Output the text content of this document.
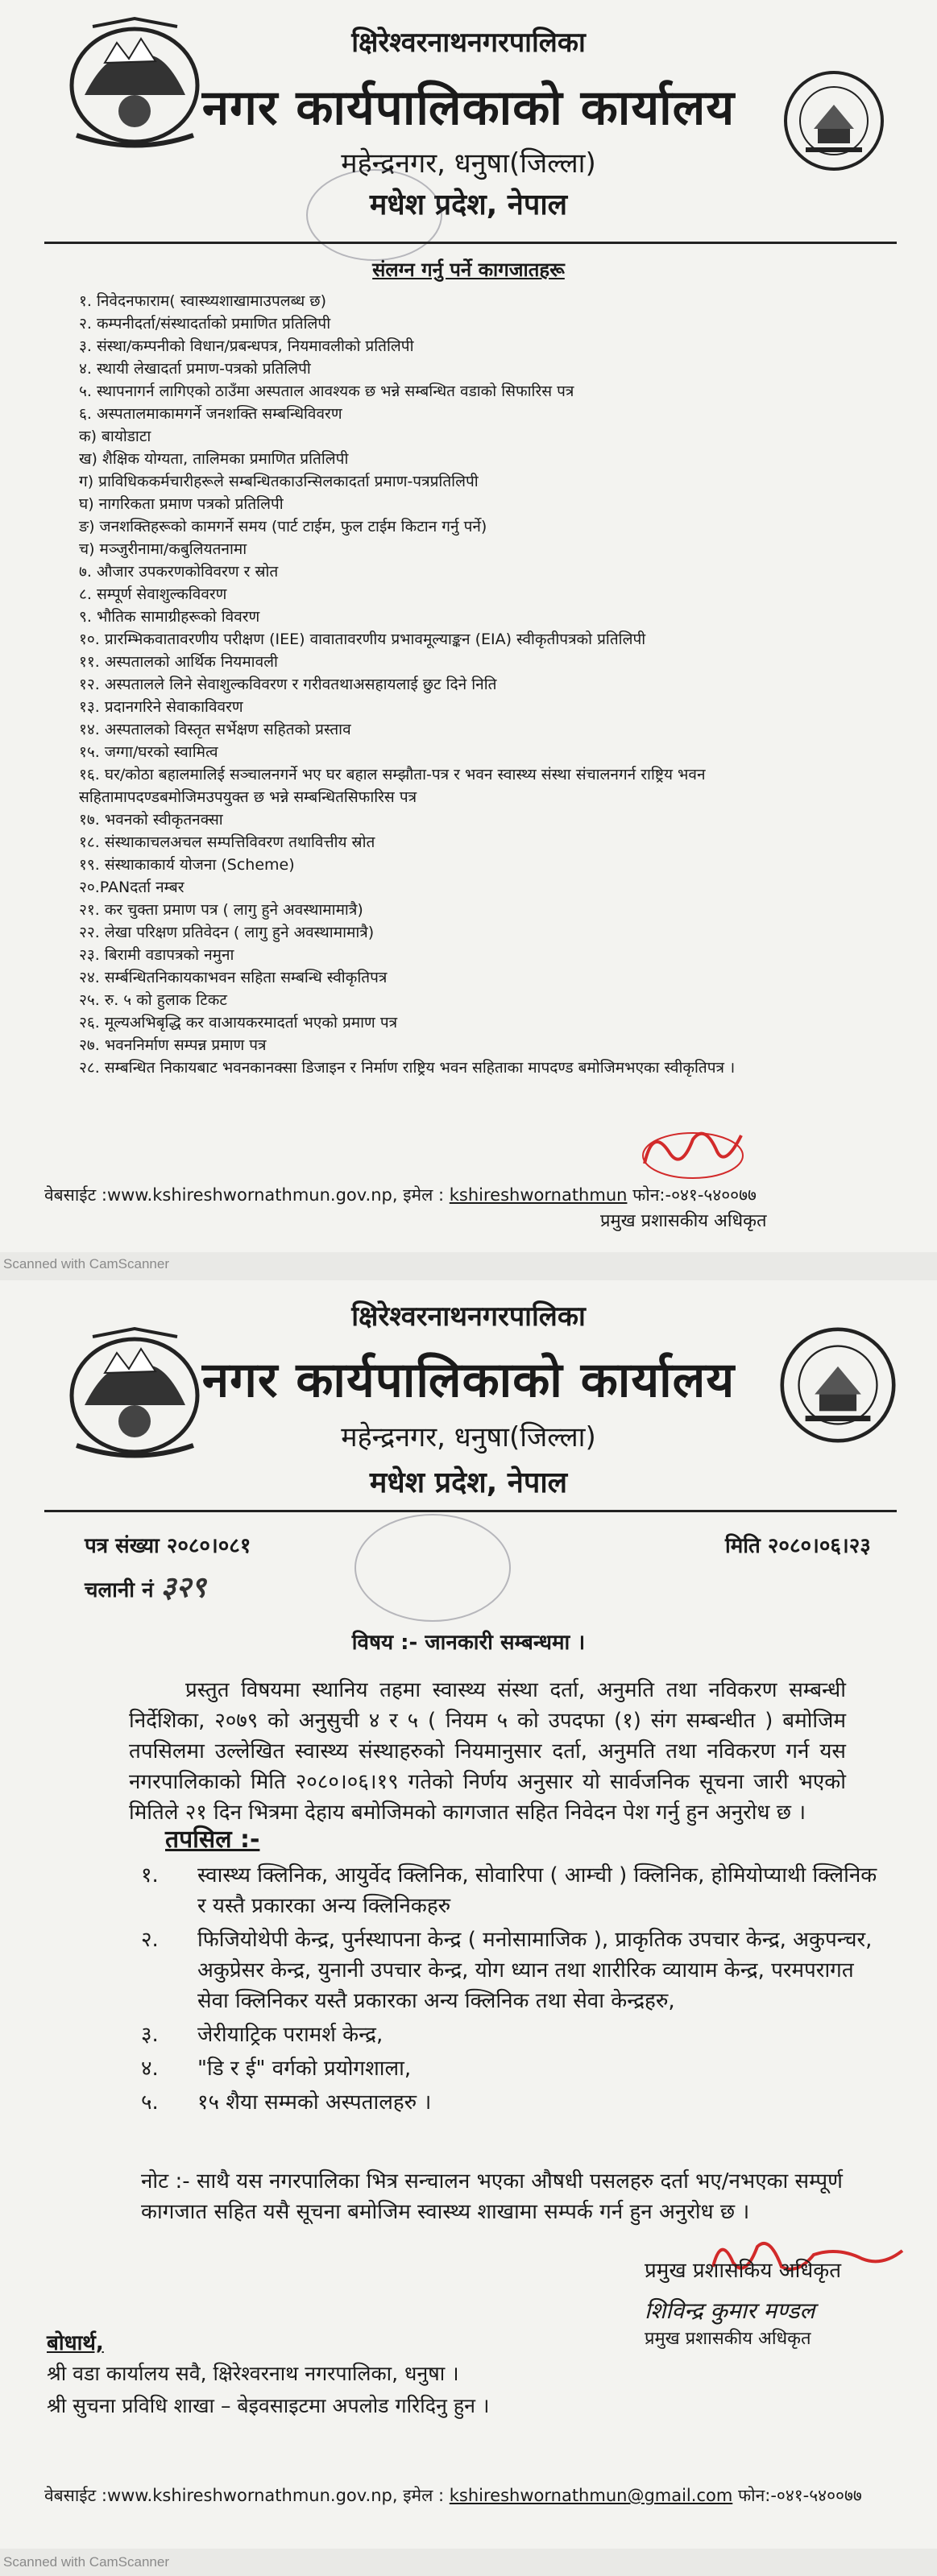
क्षिरेश्वरनाथनगरपालिका
नगर कार्यपालिकाको कार्यालय
महेन्द्रनगर, धनुषा(जिल्ला)
मधेश प्रदेश, नेपाल
संलग्न गर्नु पर्ने कागजातहरू
१. निवेदनफाराम( स्वास्थ्यशाखामाउपलब्ध छ)
२. कम्पनीदर्ता/संस्थादर्ताको प्रमाणित प्रतिलिपी
३. संस्था/कम्पनीको विधान/प्रबन्धपत्र, नियमावलीको प्रतिलिपी
४. स्थायी लेखादर्ता प्रमाण-पत्रको प्रतिलिपी
५. स्थापनागर्न लागिएको ठाउँमा अस्पताल आवश्यक छ भन्ने सम्बन्धित वडाको सिफारिस पत्र
६. अस्पतालमाकामगर्ने जनशक्ति सम्बन्धिविवरण
क) बायोडाटा
ख) शैक्षिक योग्यता, तालिमका प्रमाणित प्रतिलिपी
ग) प्राविधिककर्मचारीहरूले सम्बन्धितकाउन्सिलकादर्ता प्रमाण-पत्रप्रतिलिपी
घ) नागरिकता प्रमाण पत्रको प्रतिलिपी
ङ) जनशक्तिहरूको कामगर्ने समय (पार्ट टाईम, फुल टाईम किटान गर्नु पर्ने)
च) मञ्जुरीनामा/कबुलियतनामा
७. औजार उपकरणकोविवरण र स्रोत
८. सम्पूर्ण सेवाशुल्कविवरण
९. भौतिक सामाग्रीहरूको विवरण
१०. प्रारम्भिकवातावरणीय परीक्षण (IEE) वावातावरणीय प्रभावमूल्याङ्कन (EIA) स्वीकृतीपत्रको प्रतिलिपी
११. अस्पतालको आर्थिक नियमावली
१२. अस्पतालले लिने सेवाशुल्कविवरण र गरीवतथाअसहायलाई छुट दिने निति
१३. प्रदानगरिने सेवाकाविवरण
१४. अस्पतालको विस्तृत सर्भेक्षण सहितको प्रस्ताव
१५. जग्गा/घरको स्वामित्व
१६. घर/कोठा बहालमालिई सञ्चालनगर्ने भए घर बहाल सम्झौता-पत्र र भवन स्वास्थ्य संस्था संचालनगर्न राष्ट्रिय भवन
सहितामापदण्डबमोजिमउपयुक्त छ भन्ने सम्बन्धितसिफारिस पत्र
१७. भवनको स्वीकृतनक्सा
१८. संस्थाकाचलअचल सम्पत्तिविवरण तथावित्तीय स्रोत
१९. संस्थाकाकार्य योजना (Scheme)
२०.PANदर्ता नम्बर
२१. कर चुक्ता प्रमाण पत्र ( लागु हुने अवस्थामामात्रै)
२२. लेखा परिक्षण प्रतिवेदन ( लागु हुने अवस्थामामात्रै)
२३. बिरामी वडापत्रको नमुना
२४. सर्म्बन्धितनिकायकाभवन सहिता सम्बन्धि स्वीकृतिपत्र
२५. रु. ५ को हुलाक टिकट
२६. मूल्यअभिबृद्धि कर वाआयकरमादर्ता भएको प्रमाण पत्र
२७. भवननिर्माण सम्पन्न प्रमाण पत्र
२८. सम्बन्धित निकायबाट भवनकानक्सा डिजाइन र निर्माण राष्ट्रिय भवन सहिताका मापदण्ड बमोजिमभएका स्वीकृतिपत्र ।
वेबसाईट :www.kshireshwornathmun.gov.np, इमेल : kshireshwornathmun फोन:-०४१-५४००७७
प्रमुख प्रशासकीय अधिकृत
Scanned with CamScanner
क्षिरेश्वरनाथनगरपालिका
नगर कार्यपालिकाको कार्यालय
महेन्द्रनगर, धनुषा(जिल्ला)
मधेश प्रदेश, नेपाल
पत्र संख्या २०८०।०८१
चलानी नं ३२९
मिति २०८०।०६।२३
विषय :- जानकारी सम्बन्धमा ।
प्रस्तुत विषयमा स्थानिय तहमा स्वास्थ्य संस्था दर्ता, अनुमति तथा नविकरण सम्बन्धी निर्देशिका, २०७९ को अनुसुची ४ र ५ ( नियम ५ को उपदफा (१) संग सम्बन्धीत ) बमोजिम तपसिलमा उल्लेखित स्वास्थ्य संस्थाहरुको नियमानुसार दर्ता, अनुमति तथा नविकरण गर्न यस नगरपालिकाको मिति २०८०।०६।१९ गतेको निर्णय अनुसार यो सार्वजनिक सूचना जारी भएको मितिले २१ दिन भित्रमा देहाय बमोजिमको कागजात सहित निवेदन पेश गर्नु हुन अनुरोध छ ।
तपसिल :-
१. स्वास्थ्य क्लिनिक, आयुर्वेद क्लिनिक, सोवारिपा ( आम्ची ) क्लिनिक, होमियोप्याथी क्लिनिक र यस्तै प्रकारका अन्य क्लिनिकहरु
२. फिजियोथेपी केन्द्र, पुर्नस्थापना केन्द्र ( मनोसामाजिक ), प्राकृतिक उपचार केन्द्र, अकुपन्चर, अकुप्रेसर केन्द्र, युनानी उपचार केन्द्र, योग ध्यान तथा शारीरिक व्यायाम केन्द्र, परमपरागत सेवा क्लिनिकर यस्तै प्रकारका अन्य क्लिनिक तथा सेवा केन्द्रहरु,
३. जेरीयाट्रिक परामर्श केन्द्र,
४. "डि र ई" वर्गको प्रयोगशाला,
५. १५ शैया सम्मको अस्पतालहरु ।
नोट :- साथै यस नगरपालिका भित्र सन्चालन भएका औषधी पसलहरु दर्ता भए/नभएका सम्पूर्ण कागजात सहित यसै सूचना बमोजिम स्वास्थ्य शाखामा सम्पर्क गर्न हुन अनुरोध छ ।
प्रमुख प्रशासकिय अधिकृत
शिविन्द्र कुमार मण्डल
प्रमुख प्रशासकीय अधिकृत
बोधार्थ,
श्री वडा कार्यालय सवै, क्षिरेश्वरनाथ नगरपालिका, धनुषा ।
श्री सुचना प्रविधि शाखा – बेइवसाइटमा अपलोड गरिदिनु हुन ।
वेबसाईट :www.kshireshwornathmun.gov.np, इमेल : kshireshwornathmun@gmail.com फोन:-०४१-५४००७७
Scanned with CamScanner
